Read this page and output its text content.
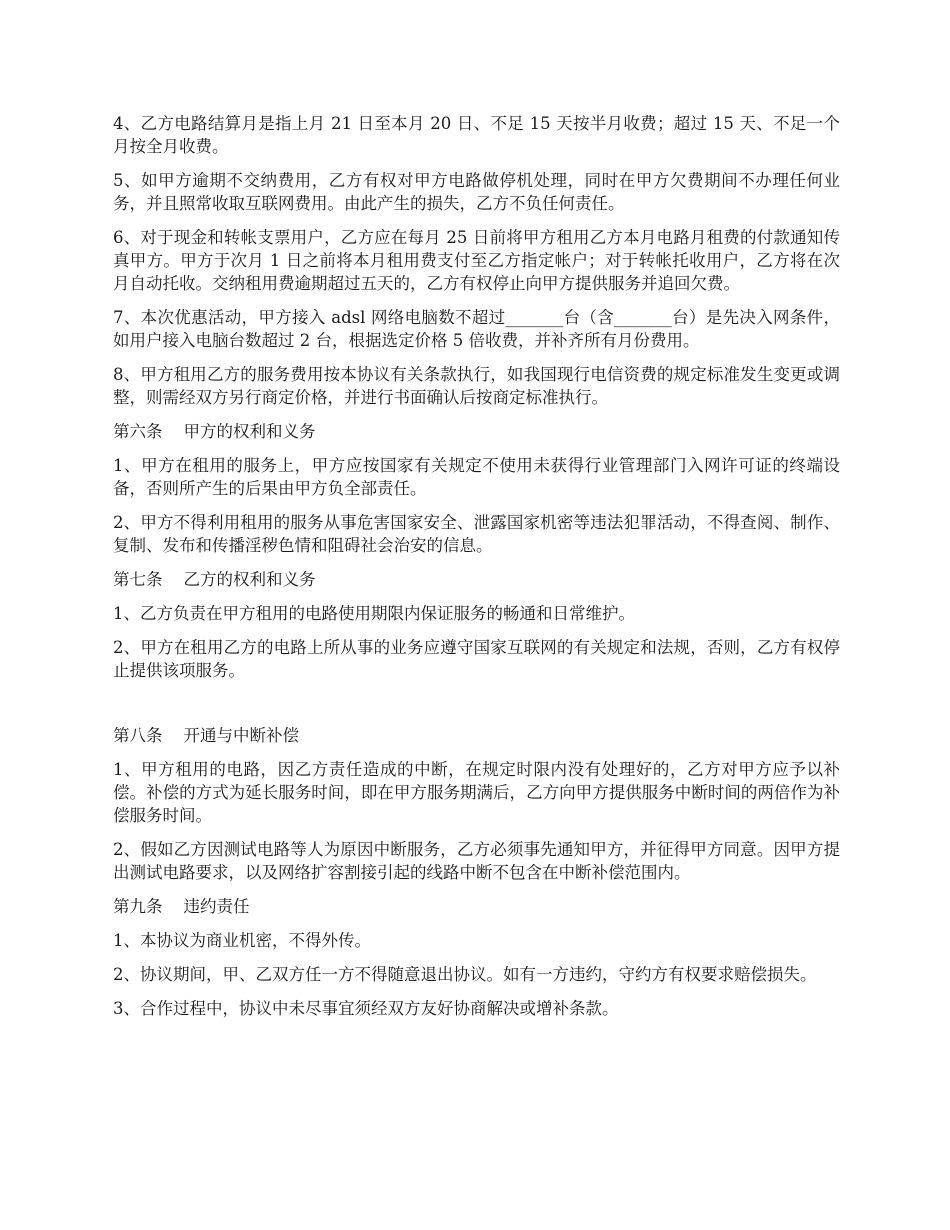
4、乙方电路结算月是指上月 21 日至本月 20 日、不足 15 天按半月收费；超过 15 天、不足一个月按全月收费。

5、如甲方逾期不交纳费用，乙方有权对甲方电路做停机处理，同时在甲方欠费期间不办理任何业务，并且照常收取互联网费用。由此产生的损失，乙方不负任何责任。

6、对于现金和转帐支票用户，乙方应在每月 25 日前将甲方租用乙方本月电路月租费的付款通知传真甲方。甲方于次月 1 日之前将本月租用费支付至乙方指定帐户；对于转帐托收用户，乙方将在次月自动托收。交纳租用费逾期超过五天的，乙方有权停止向甲方提供服务并追回欠费。

7、本次优惠活动，甲方接入 adsl 网络电脑数不超过_______台（含_______台）是先决入网条件，如用户接入电脑台数超过 2 台，根据选定价格 5 倍收费，并补齐所有月份费用。

8、甲方租用乙方的服务费用按本协议有关条款执行，如我国现行电信资费的规定标准发生变更或调整，则需经双方另行商定价格，并进行书面确认后按商定标准执行。

第六条    甲方的权利和义务

1、甲方在租用的服务上，甲方应按国家有关规定不使用未获得行业管理部门入网许可证的终端设备，否则所产生的后果由甲方负全部责任。

2、甲方不得利用租用的服务从事危害国家安全、泄露国家机密等违法犯罪活动，不得查阅、制作、复制、发布和传播淫秽色情和阻碍社会治安的信息。

第七条    乙方的权利和义务

1、乙方负责在甲方租用的电路使用期限内保证服务的畅通和日常维护。

2、甲方在租用乙方的电路上所从事的业务应遵守国家互联网的有关规定和法规，否则，乙方有权停止提供该项服务。

第八条    开通与中断补偿

1、甲方租用的电路，因乙方责任造成的中断，在规定时限内没有处理好的，乙方对甲方应予以补偿。补偿的方式为延长服务时间，即在甲方服务期满后，乙方向甲方提供服务中断时间的两倍作为补偿服务时间。

2、假如乙方因测试电路等人为原因中断服务，乙方必须事先通知甲方，并征得甲方同意。因甲方提出测试电路要求，以及网络扩容割接引起的线路中断不包含在中断补偿范围内。

第九条    违约责任

1、本协议为商业机密，不得外传。

2、协议期间，甲、乙双方任一方不得随意退出协议。如有一方违约，守约方有权要求赔偿损失。

3、合作过程中，协议中未尽事宜须经双方友好协商解决或增补条款。
